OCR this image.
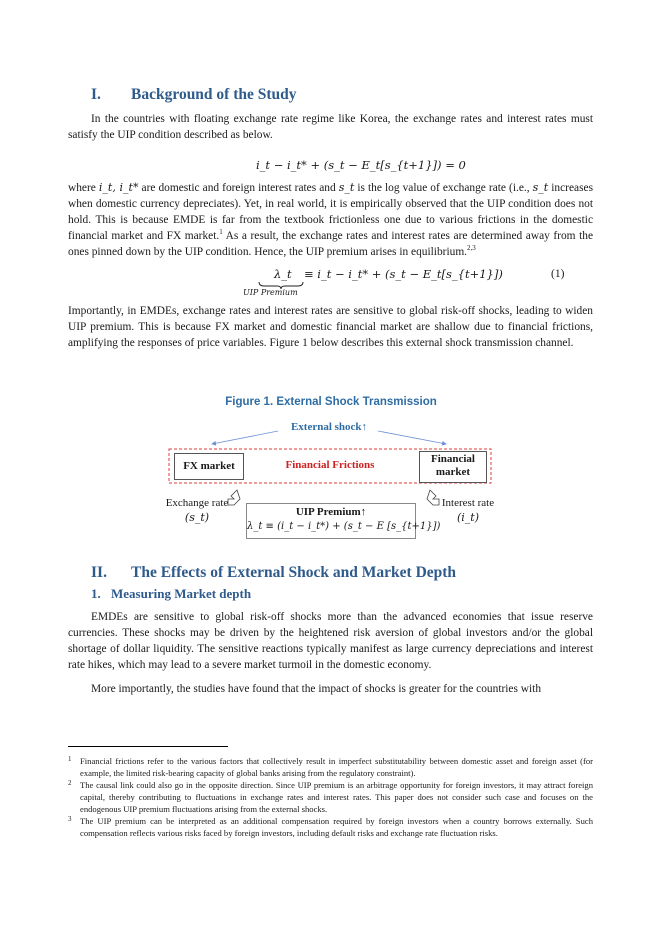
I. Background of the Study

In the countries with floating exchange rate regime like Korea, the exchange rates and interest rates must satisfy the UIP condition described as below.

i_t − i_t* + (s_t − E_t[s_{t+1}]) = 0

where i_t, i_t* are domestic and foreign interest rates and s_t is the log value of exchange rate (i.e., s_t increases when domestic currency depreciates). Yet, in real world, it is empirically observed that the UIP condition does not hold. This is because EMDE is far from the textbook frictionless one due to various frictions in the domestic financial market and FX market.$^1$ As a result, the exchange rates and interest rates are determined away from the ones pinned down by the UIP condition. Hence, the UIP premium arises in equilibrium.$^{2,3}$

λ_t
UIP Premium
≡ i_t − i_t* + (s_t − E_t[s_{t+1}])	(1)

Importantly, in EMDEs, exchange rates and interest rates are sensitive to global risk-off shocks, leading to widen UIP premium. This is because FX market and domestic financial market are shallow due to financial frictions, amplifying the responses of price variables. Figure 1 below describes this external shock transmission channel.

Figure 1. External Shock Transmission
External shock↑
FX market	Financial Frictions	Financial market
Exchange rate
(s_t)
Interest rate
(i_t)
UIP Premium↑
λ_t ≡ (i_t − i_t*) + (s_t − E [s_{t+1}])
II. The Effects of External Shock and Market Depth
1. Measuring Market depth

EMDEs are sensitive to global risk-off shocks more than the advanced economies that issue reserve currencies. These shocks may be driven by the heightened risk aversion of global investors and/or the global shortage of dollar liquidity. The sensitive reactions typically manifest as large currency depreciations and interest rate hikes, which may lead to a severe market turmoil in the domestic economy.

More importantly, the studies have found that the impact of shocks is greater for the countries with

1 Financial frictions refer to the various factors that collectively result in imperfect substitutability between domestic asset and foreign asset (for example, the limited risk-bearing capacity of global banks arising from the regulatory constraint).

2 The causal link could also go in the opposite direction. Since UIP premium is an arbitrage opportunity for foreign investors, it may attract foreign capital, thereby contributing to fluctuations in exchange rates and interest rates. This paper does not consider such case and focuses on the endogenous UIP premium fluctuations arising from the external shocks.

3 The UIP premium can be interpreted as an additional compensation required by foreign investors when a country borrows externally. Such compensation reflects various risks faced by foreign investors, including default risks and exchange rate fluctuation risks.
